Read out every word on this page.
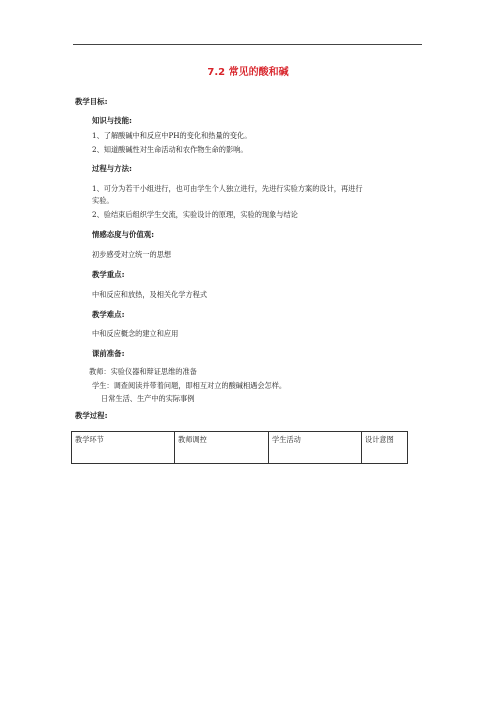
7.2 常见的酸和碱
教学目标:
知识与技能:
1、了解酸碱中和反应中PH的变化和热量的变化。
2、知道酸碱性对生命活动和农作物生命的影响。
过程与方法:
1、可分为若干小组进行，也可由学生个人独立进行，先进行实验方案的设计，再进行
实验。
2、验结束后组织学生交流，实验设计的原理，实验的现象与结论
情感态度与价值观:
初步感受对立统一的思想
教学重点:
中和反应和放热，及相关化学方程式
教学难点:
中和反应概念的建立和应用
课前准备:
教师：实验仪器和辩证思维的准备
学生：调查阅读并带着问题，即相互对立的酸碱相遇会怎样。
日常生活、生产中的实际事例
教学过程:
教学环节	教师调控	学生活动	设计意图
